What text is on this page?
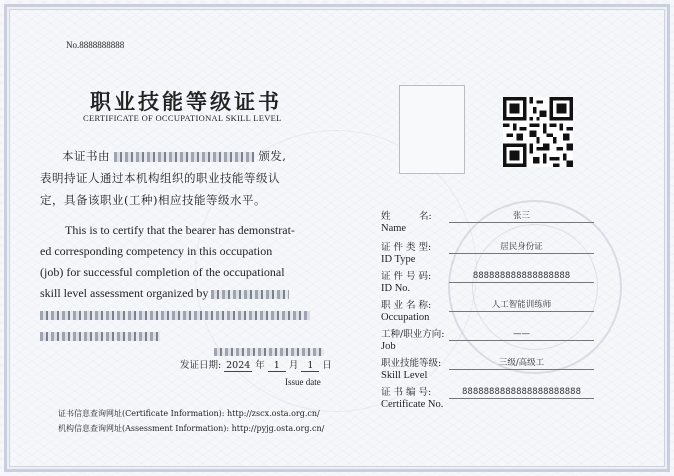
No.8888888888
职业技能等级证书
CERTIFICATE OF OCCUPATIONAL SKILL LEVEL
本证书由	颁发,
表明持证人通过本机构组织的职业技能等级认
定，具备该职业(工种)相应技能等级水平。
This is to certify that the bearer has demonstrat-
ed corresponding competency in this occupation
(job) for successful completion of the occupational
skill level assessment organized by
发证日期: 2024 年 1 月 1 日
Issue date
证书信息查询网址(Certificate Information): http://zscx.osta.org.cn/
机构信息查询网址(Assessment Information): http://pyjg.osta.org.cn/
姓　　　名:
Name
张三
证 件 类 型:
ID Type
居民身份证
证 件 号 码:
ID No.
888888888888888888
职 业 名 称:
Occupation
人工智能训练师
工种/职业方向:
Job
——
职业技能等级:
Skill Level
三级/高级工
证 书 编 号:
Certificate No.
8888888888888888888888
